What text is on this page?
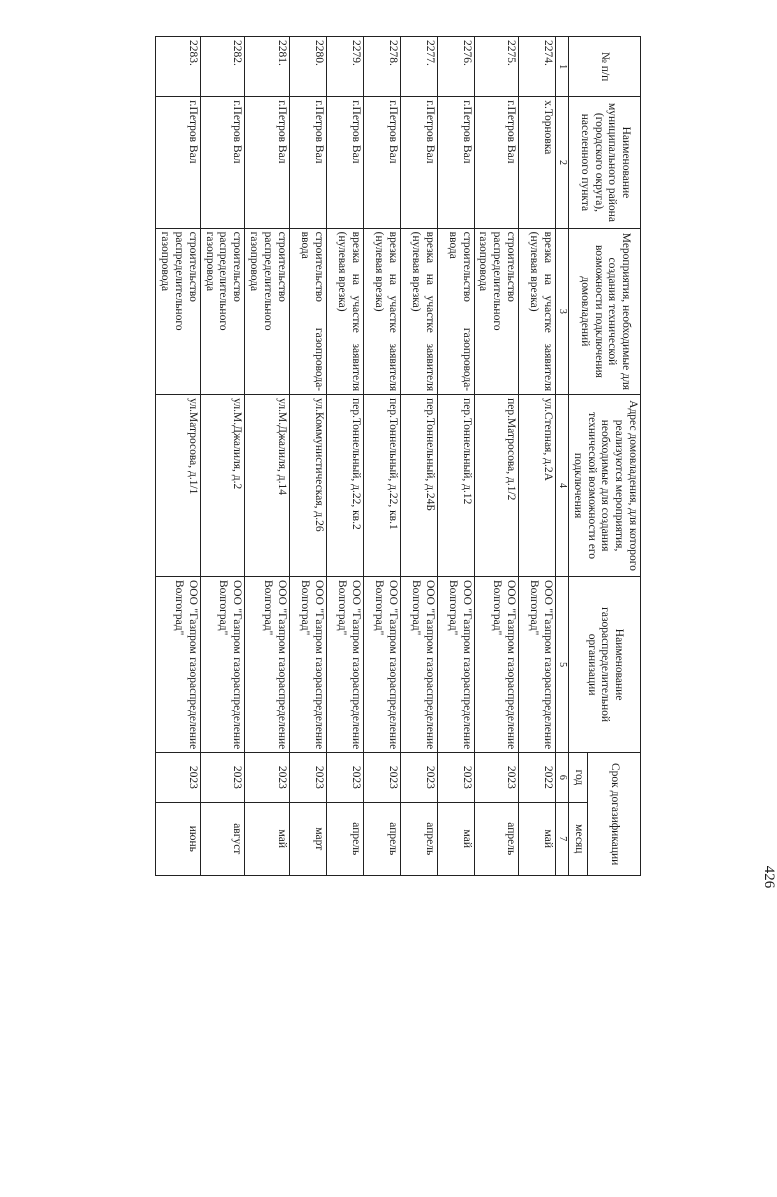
426
№ п/п	Наименование муниципального района (городского округа), населенного пункта	Мероприятия, необходимые для создания технической возможности подключения домовладений	Адрес домовладения, для которого реализуются мероприятия, необходимые для создания технической возможности его подключения	Наименование газораспределительной организации	Срок догазификации	
					год	месяц
1	2	3	4	5	6	7
2274.	х.Торновка	врезка на участке заявителя (нулевая врезка)	ул.Степная, д.2А	ООО "Газпром газораспределение Волгоград"	2022	май
2275.	г.Петров Вал	строительство распределительного газопровода	пер.Матросова, д.1/2	ООО "Газпром газораспределение Волгоград"	2023	апрель
2276.	г.Петров Вал	строительство газопровода-ввода	пер.Тоннельный, д.12	ООО "Газпром газораспределение Волгоград"	2023	май
2277.	г.Петров Вал	врезка на участке заявителя (нулевая врезка)	пер.Тоннельный, д.24Б	ООО "Газпром газораспределение Волгоград"	2023	апрель
2278.	г.Петров Вал	врезка на участке заявителя (нулевая врезка)	пер.Тоннельный, д.22, кв.1	ООО "Газпром газораспределение Волгоград"	2023	апрель
2279.	г.Петров Вал	врезка на участке заявителя (нулевая врезка)	пер.Тоннельный, д.22, кв.2	ООО "Газпром газораспределение Волгоград"	2023	апрель
2280.	г.Петров Вал	строительство газопровода-ввода	ул.Коммунистическая, д.26	ООО "Газпром газораспределение Волгоград"	2023	март
2281.	г.Петров Вал	строительство распределительного газопровода	ул.М.Джалиля, д.14	ООО "Газпром газораспределение Волгоград"	2023	май
2282.	г.Петров Вал	строительство распределительного газопровода	ул.М.Джалиля, д.2	ООО "Газпром газораспределение Волгоград"	2023	август
2283.	г.Петров Вал	строительство распределительного газопровода	ул.Матросова, д.1/1	ООО "Газпром газораспределение Волгоград"	2023	июнь
